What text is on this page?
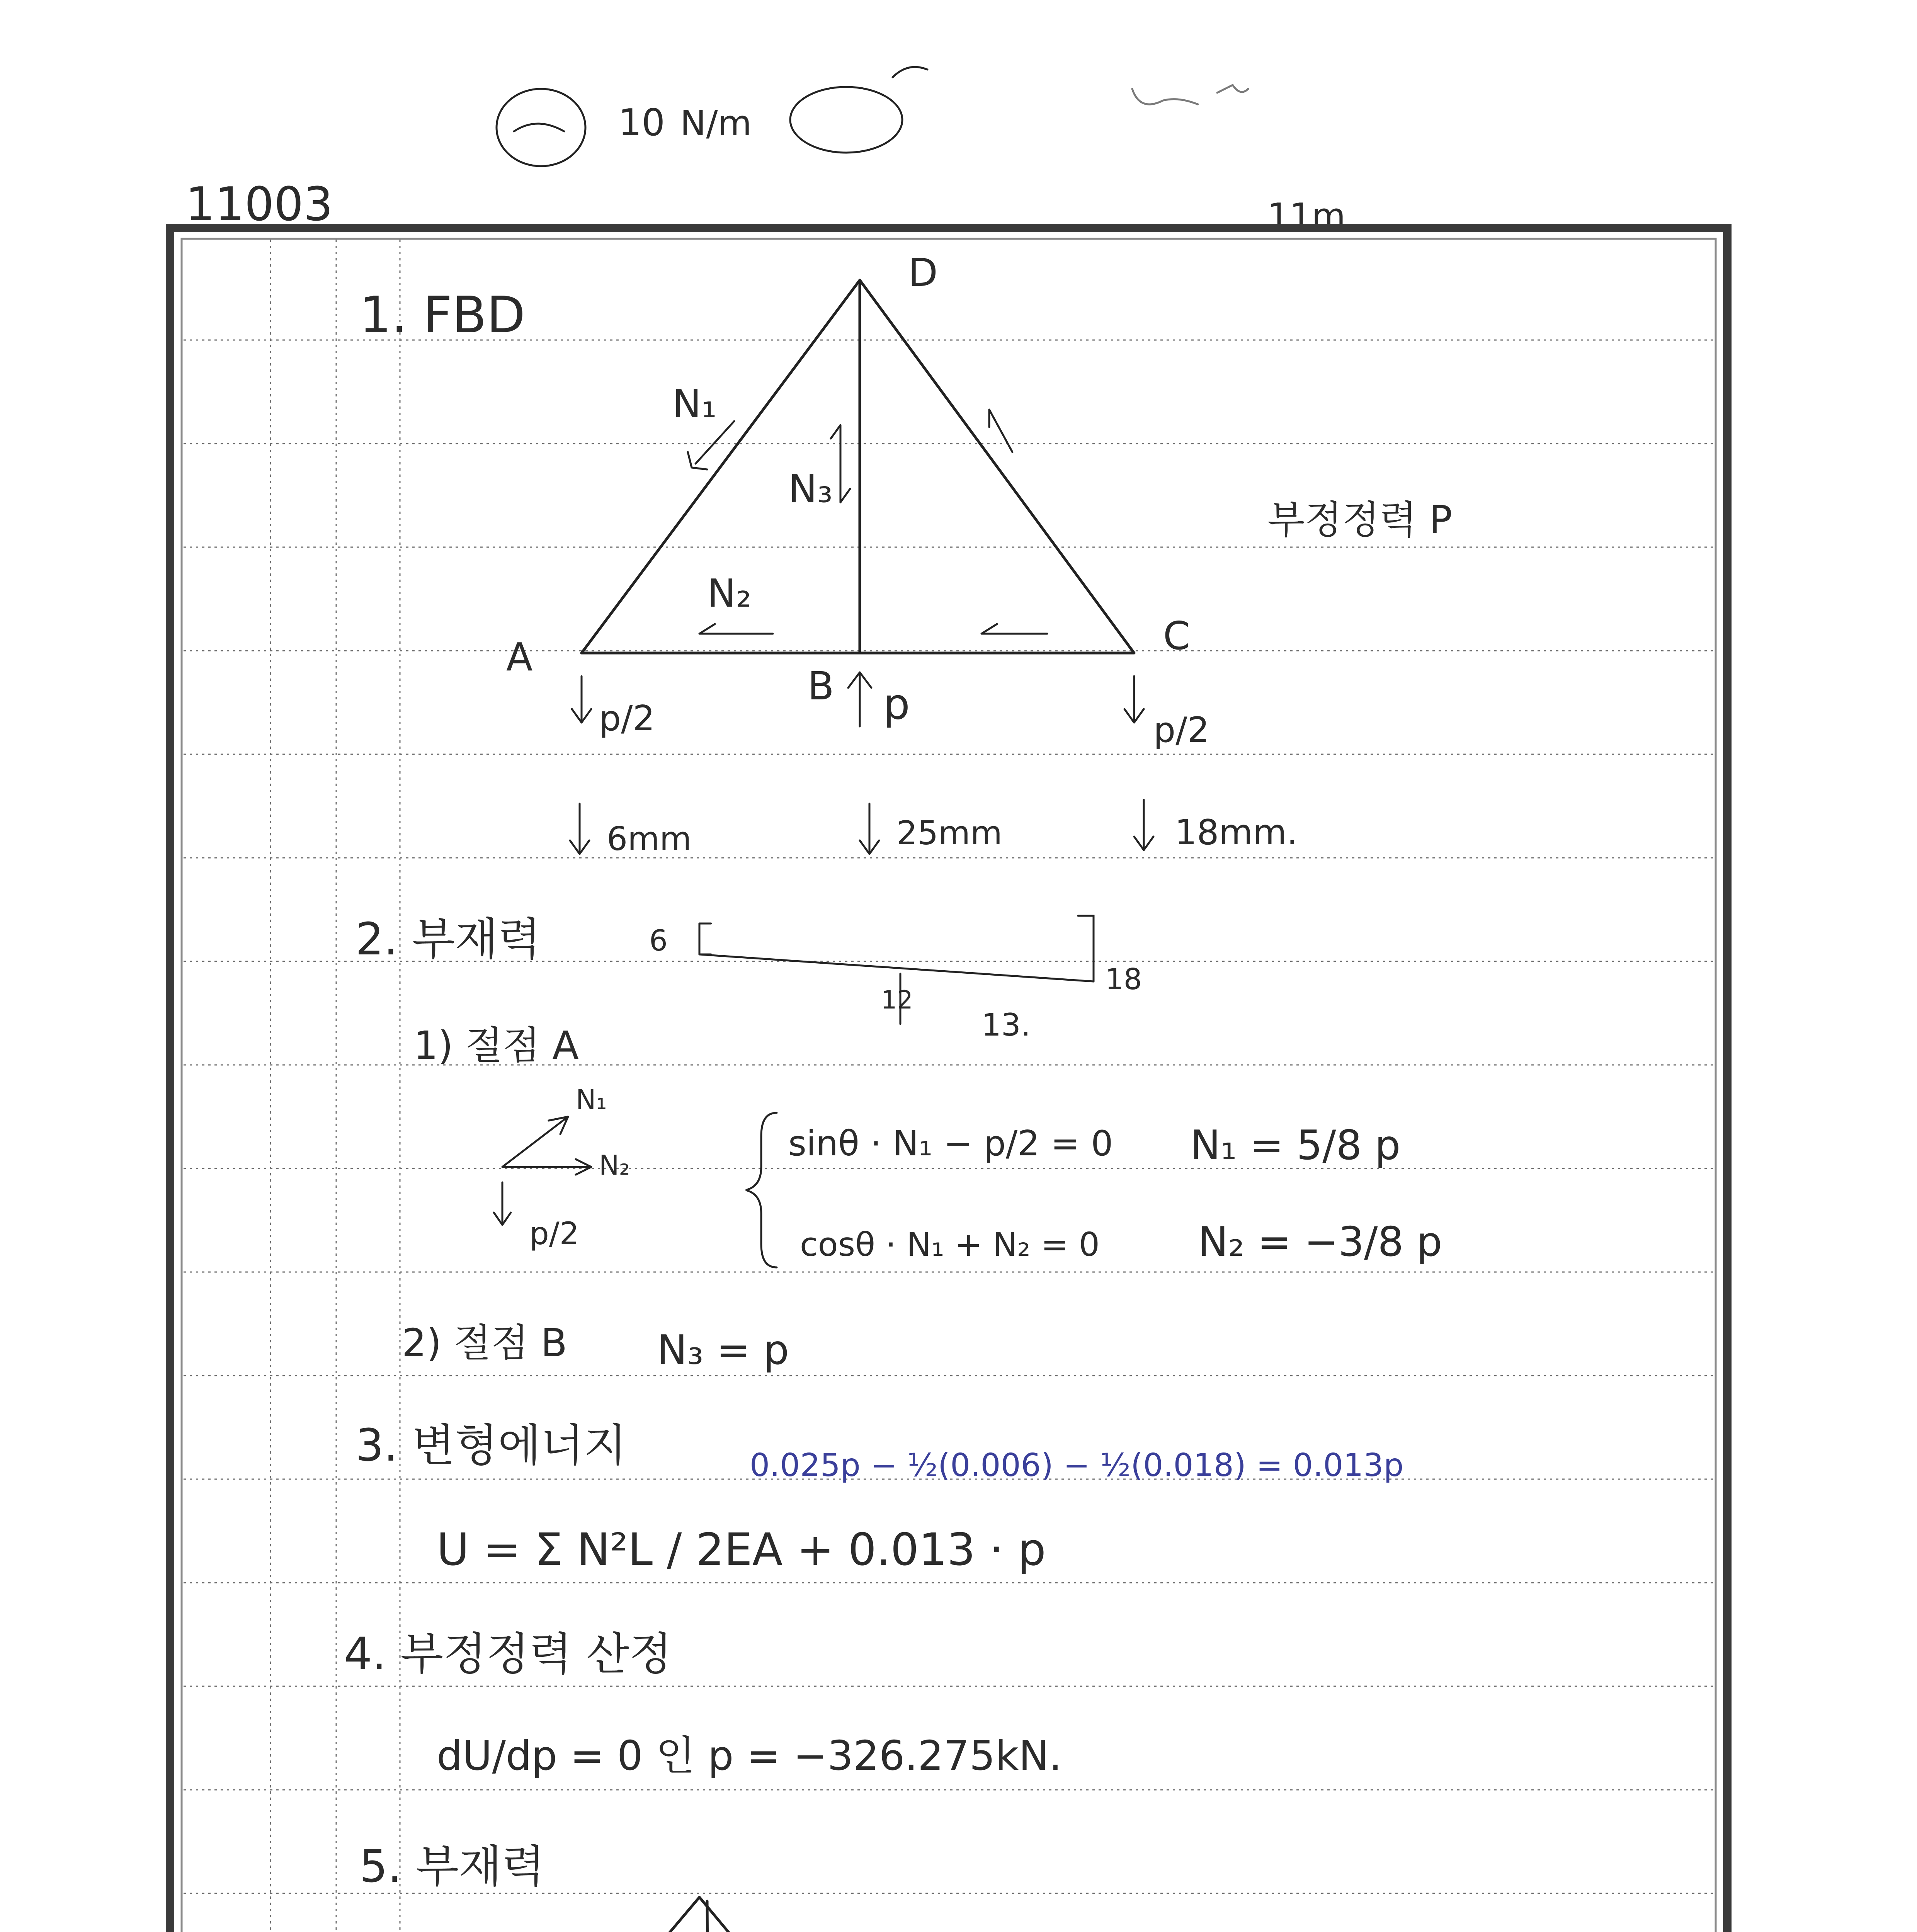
10 N/m
11m
11003
1. FBD
D
A
B
C
N₁
N₃
N₂
부정정력 P
p/2	p
p/2
6mm	25mm	18mm.
2. 부재력	6
18
12
13.
1) 절점 A
N₁
N₂
p/2
sinθ · N₁ − p/2 = 0
cosθ · N₁ + N₂ = 0
N₁ = 5/8 p
N₂ = −3/8 p
2) 절점 B N₃ = p
3. 변형에너지	0.025p − ½(0.006) − ½(0.018) = 0.013p
U = Σ N²L / 2EA + 0.013 · p
4. 부정정력 산정
dU/dp = 0 인 p = −326.275kN.
5. 부재력
